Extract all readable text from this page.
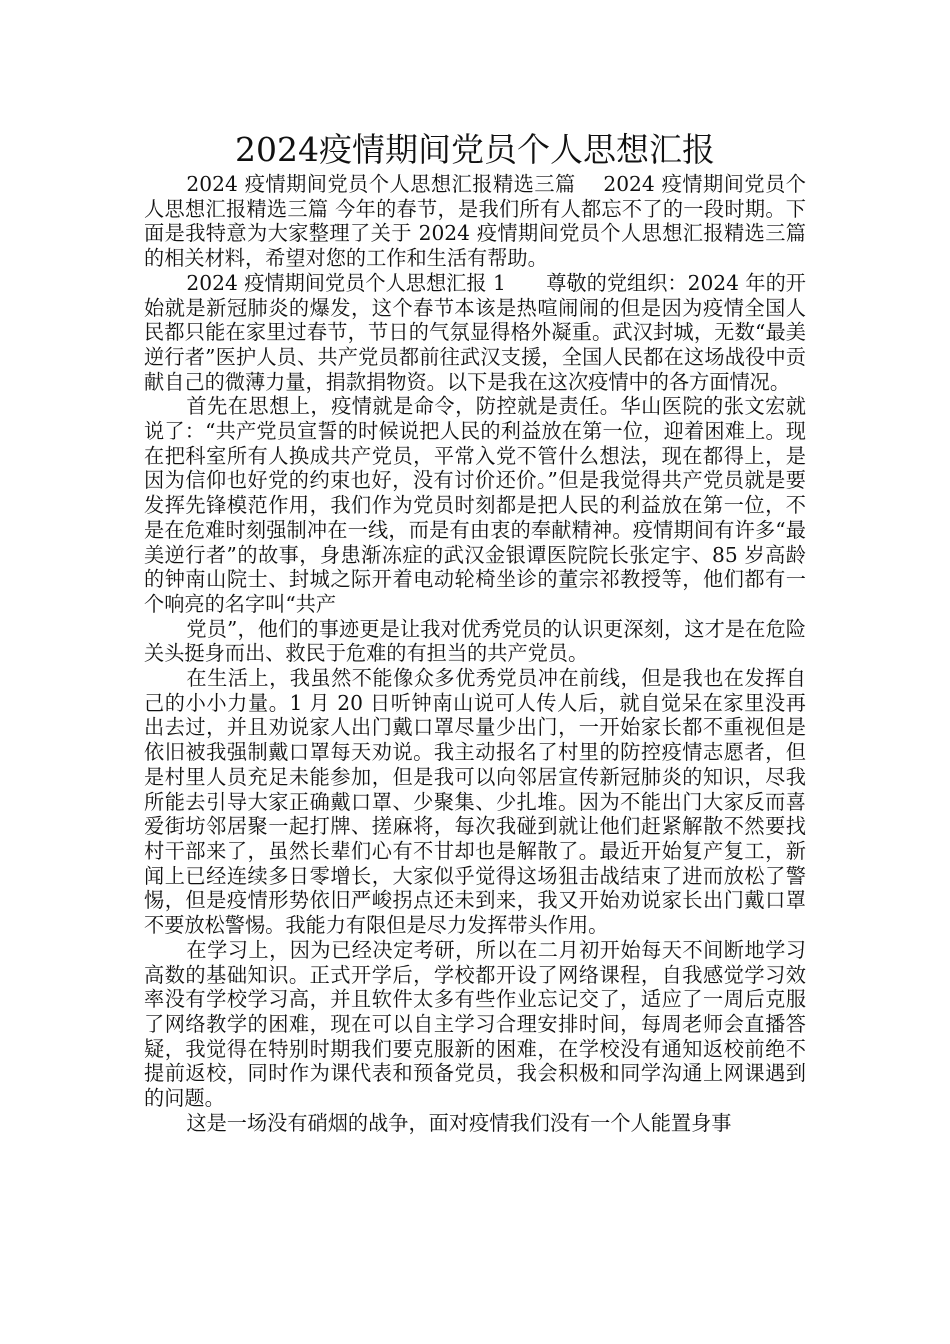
2024疫情期间党员个人思想汇报

2024 疫情期间党员个人思想汇报精选三篇　 2024 疫情期间党员个人思想汇报精选三篇 今年的春节，是我们所有人都忘不了的一段时期。下面是我特意为大家整理了关于 2024 疫情期间党员个人思想汇报精选三篇的相关材料，希望对您的工作和生活有帮助。

2024 疫情期间党员个人思想汇报 1　　尊敬的党组织：2024 年的开始就是新冠肺炎的爆发，这个春节本该是热喧闹闹的但是因为疫情全国人民都只能在家里过春节，节日的气氛显得格外凝重。武汉封城，无数“最美逆行者”医护人员、共产党员都前往武汉支援，全国人民都在这场战役中贡献自己的微薄力量，捐款捐物资。以下是我在这次疫情中的各方面情况。

首先在思想上，疫情就是命令，防控就是责任。华山医院的张文宏就说了：“共产党员宣誓的时候说把人民的利益放在第一位，迎着困难上。现在把科室所有人换成共产党员，平常入党不管什么想法，现在都得上，是因为信仰也好党的约束也好，没有讨价还价。”但是我觉得共产党员就是要发挥先锋模范作用，我们作为党员时刻都是把人民的利益放在第一位，不是在危难时刻强制冲在一线，而是有由衷的奉献精神。疫情期间有许多“最美逆行者”的故事，身患渐冻症的武汉金银谭医院院长张定宇、85 岁高龄的钟南山院士、封城之际开着电动轮椅坐诊的董宗祁教授等，他们都有一个响亮的名字叫“共产

党员”，他们的事迹更是让我对优秀党员的认识更深刻，这才是在危险关头挺身而出、救民于危难的有担当的共产党员。

在生活上，我虽然不能像众多优秀党员冲在前线，但是我也在发挥自己的小小力量。1 月 20 日听钟南山说可人传人后，就自觉呆在家里没再出去过，并且劝说家人出门戴口罩尽量少出门，一开始家长都不重视但是依旧被我强制戴口罩每天劝说。我主动报名了村里的防控疫情志愿者，但是村里人员充足未能参加，但是我可以向邻居宣传新冠肺炎的知识，尽我所能去引导大家正确戴口罩、少聚集、少扎堆。因为不能出门大家反而喜爱街坊邻居聚一起打牌、搓麻将，每次我碰到就让他们赶紧解散不然要找村干部来了，虽然长辈们心有不甘却也是解散了。最近开始复产复工，新闻上已经连续多日零增长，大家似乎觉得这场狙击战结束了进而放松了警惕，但是疫情形势依旧严峻拐点还未到来，我又开始劝说家长出门戴口罩不要放松警惕。我能力有限但是尽力发挥带头作用。

在学习上，因为已经决定考研，所以在二月初开始每天不间断地学习高数的基础知识。正式开学后，学校都开设了网络课程，自我感觉学习效率没有学校学习高，并且软件太多有些作业忘记交了，适应了一周后克服了网络教学的困难，现在可以自主学习合理安排时间，每周老师会直播答疑，我觉得在特别时期我们要克服新的困难，在学校没有通知返校前绝不提前返校，同时作为课代表和预备党员，我会积极和同学沟通上网课遇到的问题。

这是一场没有硝烟的战争，面对疫情我们没有一个人能置身事
